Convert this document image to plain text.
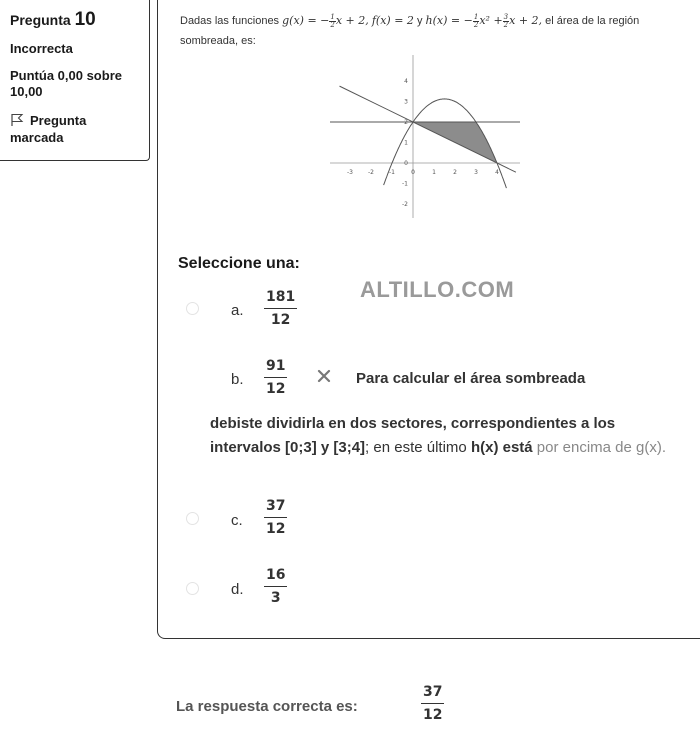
Pregunta 10
Incorrecta
Puntúa 0,00 sobre 10,00
Pregunta marcada
Dadas las funciones g(x) = − $\frac{1}{2}$ x + 2, f(x) = 2 y h(x) = − $\frac{1}{2} x^2 + \frac{3}{2}$ x + 2, el área de la región sombreada, es:
-3	-2	-1	0	1	2	3	4
4
3
2
1
0
-1
-2
Seleccione una:
ALTILLO.COM
a. $\frac{181}{12}$
b. $\frac{91}{12}$	Para calcular el área sombreada
debiste dividirla en dos sectores, correspondientes a los intervalos [0;3] y [3;4]; en este último h(x) está por encima de g(x).
c. $\frac{37}{12}$
d. $\frac{16}{3}$
La respuesta correcta es:	$\frac{37}{12}$
